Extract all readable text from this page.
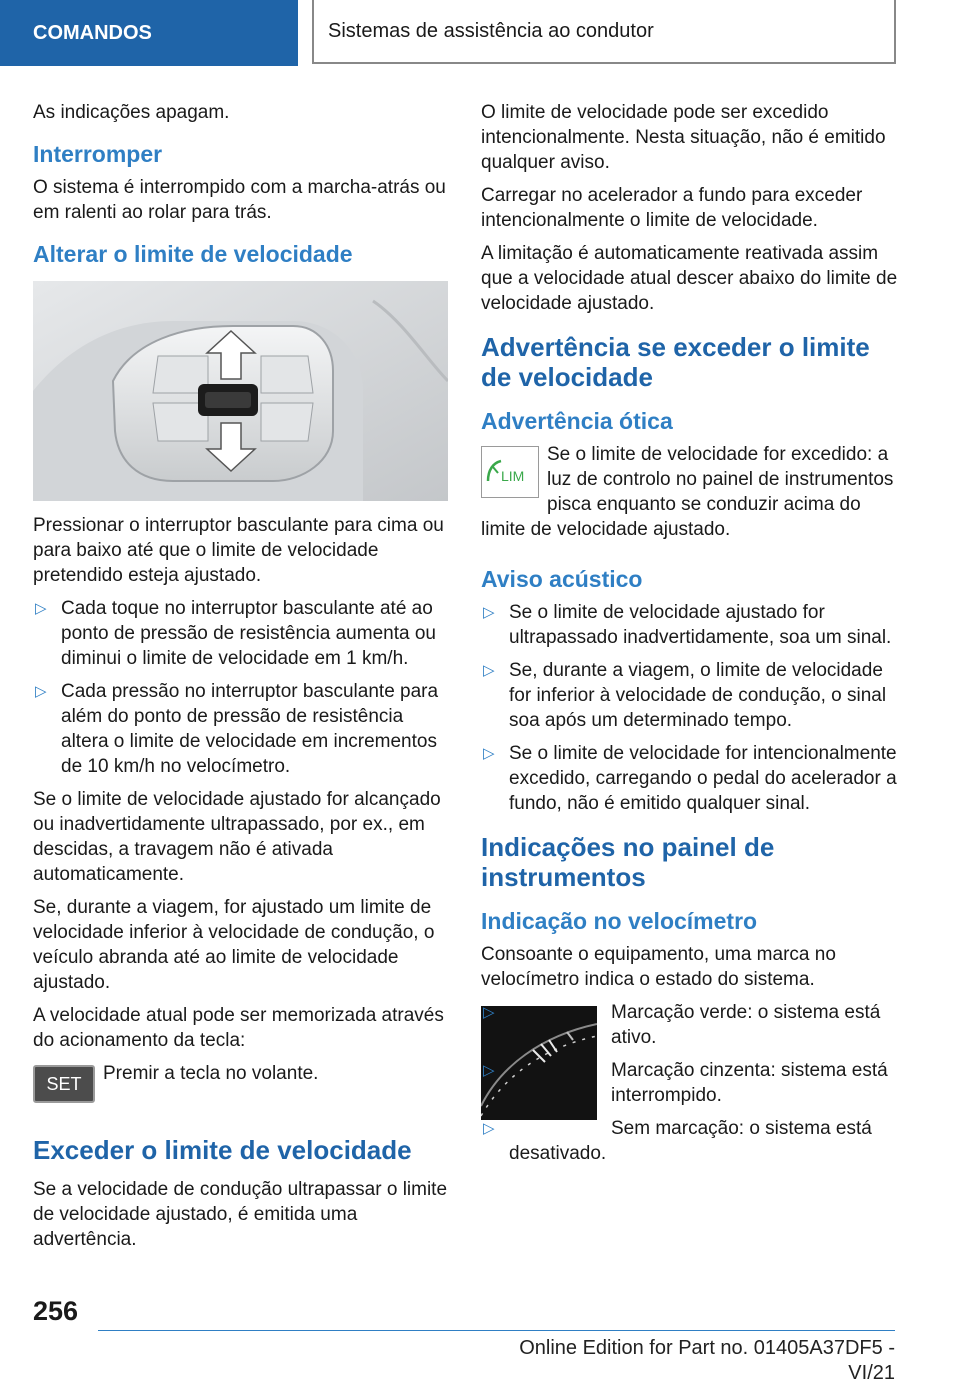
COMANDOS	Sistemas de assistência ao condutor

As indicações apagam.

Interromper

O sistema é interrompido com a marcha-atrás ou em ralenti ao rolar para trás.

Alterar o limite de velocidade

Pressionar o interruptor basculante para cima ou para baixo até que o limite de velocidade pretendido esteja ajustado.

▷ Cada toque no interruptor basculante até ao ponto de pressão de resistência aumenta ou diminui o limite de velocidade em 1 km/h.
▷ Cada pressão no interruptor basculante para além do ponto de pressão de resistência altera o limite de velocidade em incrementos de 10 km/h no velocímetro.

Se o limite de velocidade ajustado for alcançado ou inadvertidamente ultrapassado, por ex., em descidas, a travagem não é ativada automaticamente.

Se, durante a viagem, for ajustado um limite de velocidade inferior à velocidade de condução, o veículo abranda até ao limite de velocidade ajustado.

A velocidade atual pode ser memorizada através do acionamento da tecla:

SET	Premir a tecla no volante.

Exceder o limite de velocidade

Se a velocidade de condução ultrapassar o limite de velocidade ajustado, é emitida uma advertência.

O limite de velocidade pode ser excedido intencionalmente. Nesta situação, não é emitido qualquer aviso.

Carregar no acelerador a fundo para exceder intencionalmente o limite de velocidade.

A limitação é automaticamente reativada assim que a velocidade atual descer abaixo do limite de velocidade ajustado.

Advertência se exceder o limite de velocidade
Advertência ótica
LIM

Se o limite de velocidade for excedido: a luz de controlo no painel de instrumentos pisca enquanto se conduzir acima do limite de velocidade ajustado.

Aviso acústico
▷ Se o limite de velocidade ajustado for ultrapassado inadvertidamente, soa um sinal.
▷ Se, durante a viagem, o limite de velocidade for inferior à velocidade de condução, o sinal soa após um determinado tempo.
▷ Se o limite de velocidade for intencionalmente excedido, carregando o pedal do acelerador a fundo, não é emitido qualquer sinal.
Indicações no painel de instrumentos
Indicação no velocímetro

Consoante o equipamento, uma marca no velocímetro indica o estado do sistema.

▷	Marcação verde: o sistema está ativo.
▷	Marcação cinzenta: sistema está interrompido.
▷	Sem marcação: o sistema está desativado.
256
Online Edition for Part no. 01405A37DF5 - VI/21
